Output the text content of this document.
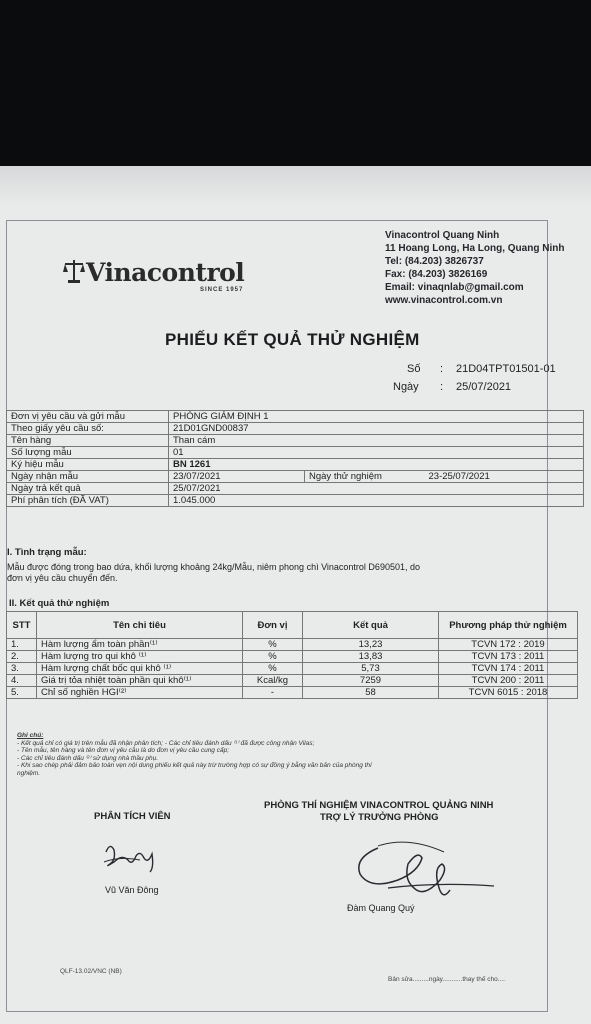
Vinacontrol
SINCE 1957
Vinacontrol Quang Ninh
11 Hoang Long, Ha Long, Quang Ninh
Tel: (84.203) 3826737
Fax: (84.203) 3826169
Email: vinaqnlab@gmail.com
www.vinacontrol.com.vn
PHIẾU KẾT QUẢ THỬ NGHIỆM
Số : 21D04TPT01501-01
Ngày : 25/07/2021
Đơn vị yêu cầu và gửi mẫu	PHÒNG GIÁM ĐỊNH 1		
Theo giấy yêu cầu số:	21D01GND00837		
Tên hàng	Than cám		
Số lượng mẫu	01		
Ký hiệu mẫu	BN 1261		
Ngày nhận mẫu	23/07/2021	Ngày thử nghiệm	23-25/07/2021
Ngày trả kết quả	25/07/2021		
Phí phân tích (ĐÃ VAT)	1.045.000		
I. Tình trạng mẫu:
Mẫu được đóng trong bao dứa, khối lượng khoảng 24kg/Mẫu, niêm phong chì Vinacontrol D690501, do
đơn vị yêu cầu chuyển đến.
II. Kết quả thử nghiệm
STT	Tên chỉ tiêu	Đơn vị	Kết quả	Phương pháp thử nghiệm
1.	Hàm lượng ẩm toàn phần⁽¹⁾	%	13,23	TCVN 172 : 2019
2.	Hàm lượng tro qui khô ⁽¹⁾	%	13,83	TCVN 173 : 2011
3.	Hàm lượng chất bốc qui khô ⁽¹⁾	%	5,73	TCVN 174 : 2011
4.	Giá trị tỏa nhiệt toàn phần qui khô⁽¹⁾	Kcal/kg	7259	TCVN 200 : 2011
5.	Chỉ số nghiền HGI⁽²⁾	-	58	TCVN 6015 : 2018
Ghi chú:
- Kết quả chỉ có giá trị trên mẫu đã nhận phân tích; - Các chỉ tiêu đánh dấu ⁽¹⁾ đã được công nhận Vilas;
- Tên mẫu, tên hàng và tên đơn vị yêu cầu là do đơn vị yêu cầu cung cấp;
- Các chỉ tiêu đánh dấu ⁽²⁾ sử dụng nhà thầu phụ.
- Khi sao chép phải đảm bảo toàn vẹn nội dung phiếu kết quả này trừ trường hợp có sự đồng ý bằng văn bản của phòng thí
nghiệm.
PHÂN TÍCH VIÊN
Vũ Văn Đông
PHÒNG THÍ NGHIỆM VINACONTROL QUẢNG NINH
TRỢ LÝ TRƯỞNG PHÒNG
Đàm Quang Quý
QLF-13.02/VNC (NB)
Bản sửa.........ngày...........thay thế cho....
